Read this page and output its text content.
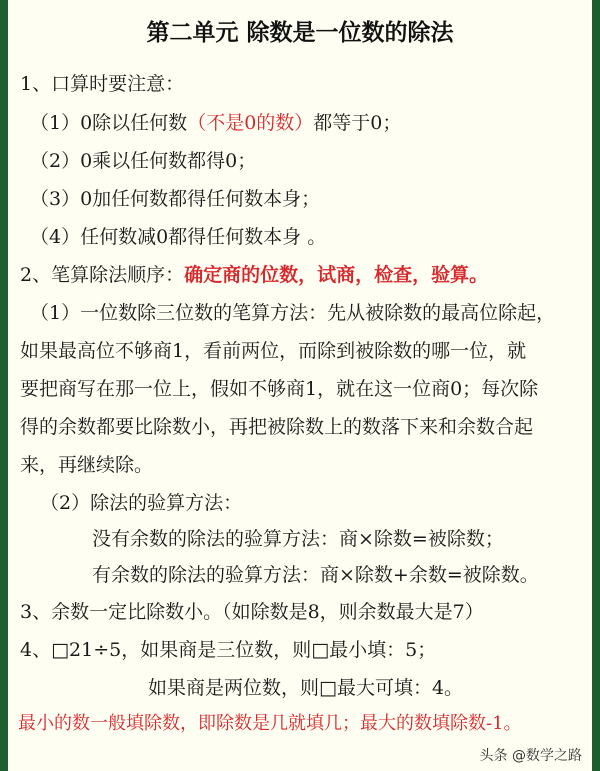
第二单元 除数是一位数的除法
1、口算时要注意：
（1）0除以任何数（不是0的数）都等于0；
（2）0乘以任何数都得0；
（3）0加任何数都得任何数本身；
（4）任何数减0都得任何数本身 。
2、笔算除法顺序：确定商的位数，试商，检查，验算。
（1）一位数除三位数的笔算方法：先从被除数的最高位除起，
如果最高位不够商1，看前两位，而除到被除数的哪一位，就
要把商写在那一位上，假如不够商1，就在这一位商0；每次除
得的余数都要比除数小，再把被除数上的数落下来和余数合起
来，再继续除。
（2）除法的验算方法：
没有余数的除法的验算方法：商×除数=被除数；
有余数的除法的验算方法：商×除数+余数=被除数。
3、余数一定比除数小。（如除数是8，则余数最大是7）
4、□21÷5，如果商是三位数，则□最小填：5；
如果商是两位数，则□最大可填：4。
最小的数一般填除数，即除数是几就填几；最大的数填除数-1。
头条 @数学之路
